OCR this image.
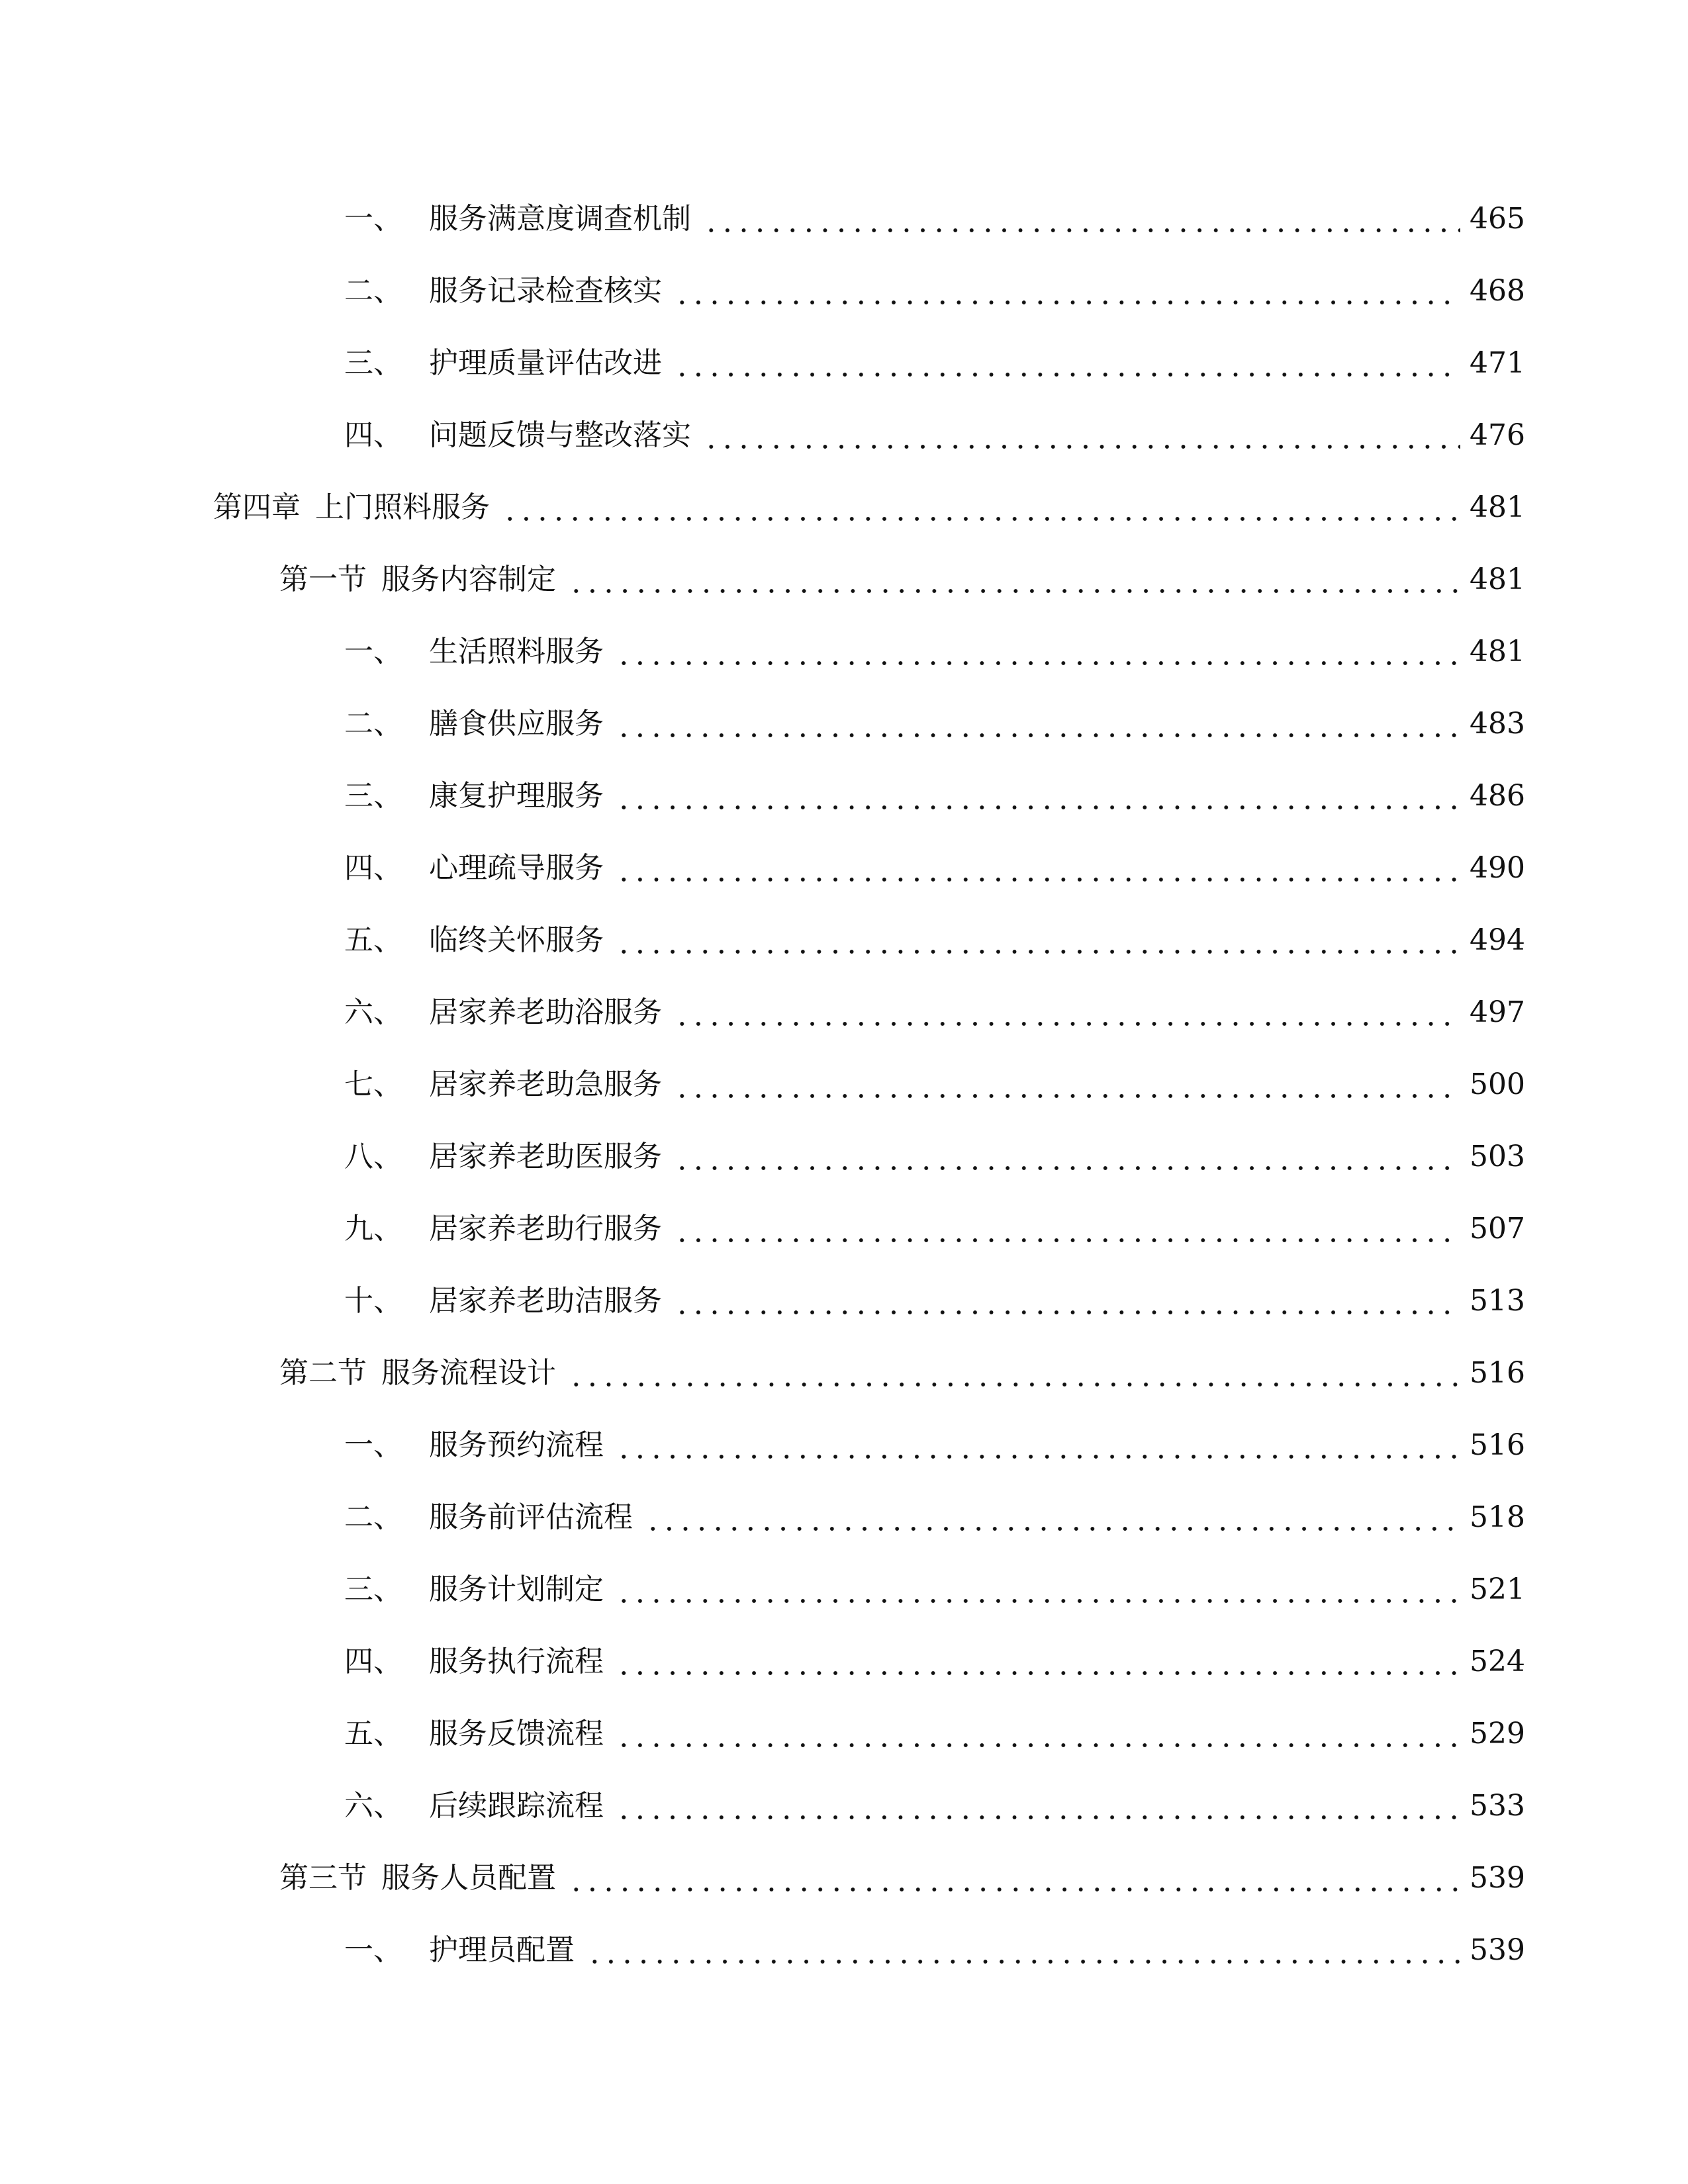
一、 服务满意度调查机制	465
二、 服务记录检查核实	468
三、 护理质量评估改进	471
四、 问题反馈与整改落实	476
第四章 上门照料服务	481
第一节 服务内容制定	481
一、 生活照料服务	481
二、 膳食供应服务	483
三、 康复护理服务	486
四、 心理疏导服务	490
五、 临终关怀服务	494
六、 居家养老助浴服务	497
七、 居家养老助急服务	500
八、 居家养老助医服务	503
九、 居家养老助行服务	507
十、 居家养老助洁服务	513
第二节 服务流程设计	516
一、 服务预约流程	516
二、 服务前评估流程	518
三、 服务计划制定	521
四、 服务执行流程	524
五、 服务反馈流程	529
六、 后续跟踪流程	533
第三节 服务人员配置	539
一、 护理员配置	539
